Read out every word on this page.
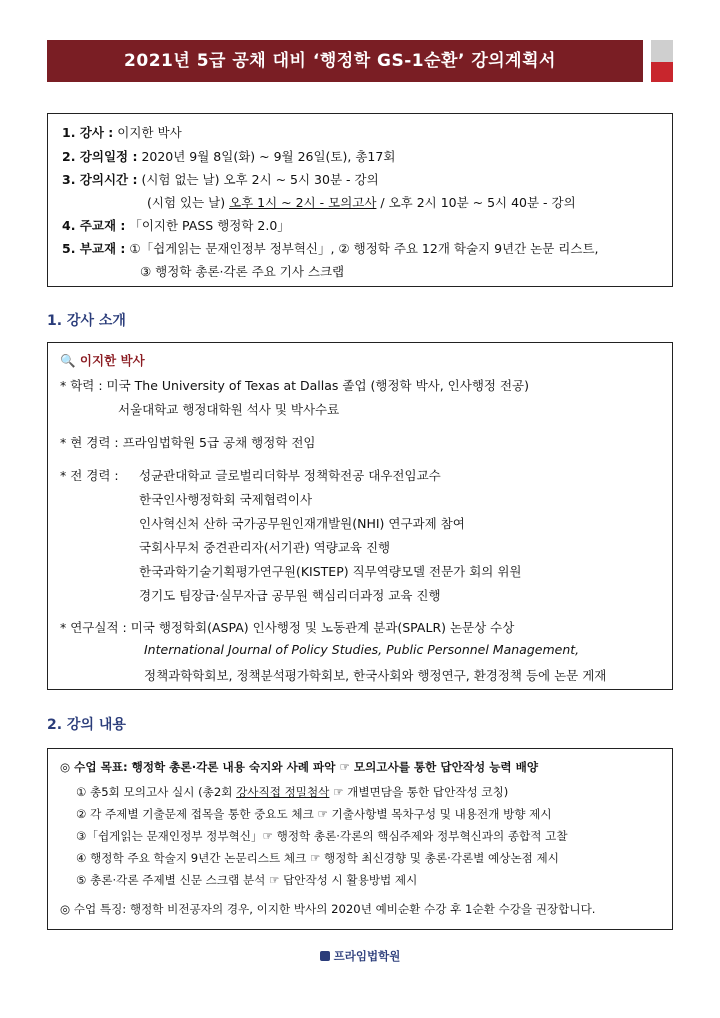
2021년 5급 공채 대비 ‘행정학 GS-1순환’ 강의계획서
1. 강사 : 이지한 박사
2. 강의일정 : 2020년 9월 8일(화) ~ 9월 26일(토), 총17회
3. 강의시간 : (시험 없는 날) 오후 2시 ~ 5시 30분 - 강의
(시험 있는 날) 오후 1시 ~ 2시 - 모의고사 / 오후 2시 10분 ~ 5시 40분 - 강의
4. 주교재 : 「이지한 PASS 행정학 2.0」
5. 부교재 : ①「쉽게읽는 문재인정부 정부혁신」, ② 행정학 주요 12개 학술지 9년간 논문 리스트,
③ 행정학 총론·각론 주요 기사 스크랩
1. 강사 소개
🔍 이지한 박사
* 학력 : 미국 The University of Texas at Dallas 졸업 (행정학 박사, 인사행정 전공)
서울대학교 행정대학원 석사 및 박사수료
* 현 경력 : 프라임법학원 5급 공채 행정학 전임
* 전 경력 : 성균관대학교 글로벌리더학부 정책학전공 대우전임교수
한국인사행정학회 국제협력이사
인사혁신처 산하 국가공무원인재개발원(NHI) 연구과제 참여
국회사무처 중견관리자(서기관) 역량교육 진행
한국과학기술기획평가연구원(KISTEP) 직무역량모델 전문가 회의 위원
경기도 팀장급·실무자급 공무원 핵심리더과정 교육 진행
* 연구실적 : 미국 행정학회(ASPA) 인사행정 및 노동관계 분과(SPALR) 논문상 수상
International Journal of Policy Studies, Public Personnel Management,
정책과학학회보, 정책분석평가학회보, 한국사회와 행정연구, 환경정책 등에 논문 게재
2. 강의 내용
◎ 수업 목표: 행정학 총론·각론 내용 숙지와 사례 파악 ☞ 모의고사를 통한 답안작성 능력 배양
① 총5회 모의고사 실시 (총2회 강사직접 정밀첨삭 ☞ 개별면담을 통한 답안작성 코칭)
② 각 주제별 기출문제 접목을 통한 중요도 체크 ☞ 기출사항별 목차구성 및 내용전개 방향 제시
③「쉽게읽는 문재인정부 정부혁신」☞ 행정학 총론·각론의 핵심주제와 정부혁신과의 종합적 고찰
④ 행정학 주요 학술지 9년간 논문리스트 체크 ☞ 행정학 최신경향 및 총론·각론별 예상논점 제시
⑤ 총론·각론 주제별 신문 스크랩 분석 ☞ 답안작성 시 활용방법 제시
◎ 수업 특징: 행정학 비전공자의 경우, 이지한 박사의 2020년 예비순환 수강 후 1순환 수강을 권장합니다.
프라임법학원
